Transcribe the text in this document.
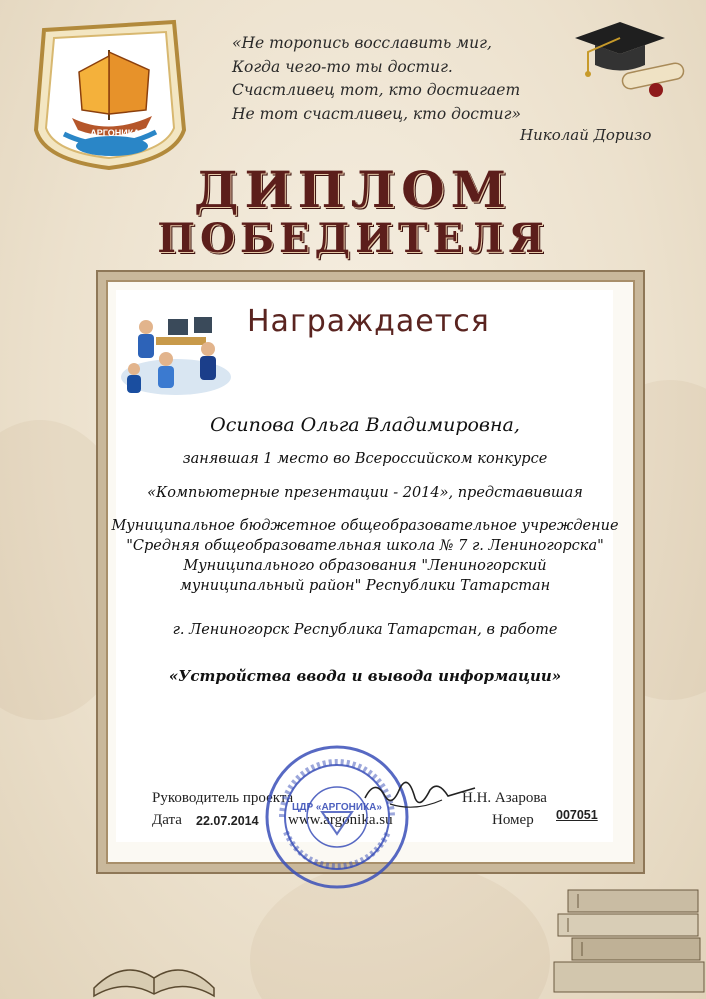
АРГОНИКА
«Не торопись восславить миг,
Когда чего-то ты достиг.
Счастливец тот, кто достигает
Не тот счастливец, кто достиг»
Николай Доризо
ДИПЛОМ
ПОБЕДИТЕЛЯ
Награждается
Осипова Ольга Владимировна,
занявшая 1 место во Всероссийском конкурсе
«Компьютерные презентации - 2014», представившая
Муниципальное бюджетное общеобразовательное учреждение
"Средняя общеобразовательная школа № 7 г. Лениногорска"
Муниципального образования "Лениногорский
муниципальный район" Республики Татарстан
г. Лениногорск Республика Татарстан, в работе
«Устройства ввода и вывода информации»
Руководитель проекта	Н.Н. Азарова
Дата 22.07.2014 www.argonika.su	Номер 007051
ЦДР «АРГОНИКА»
